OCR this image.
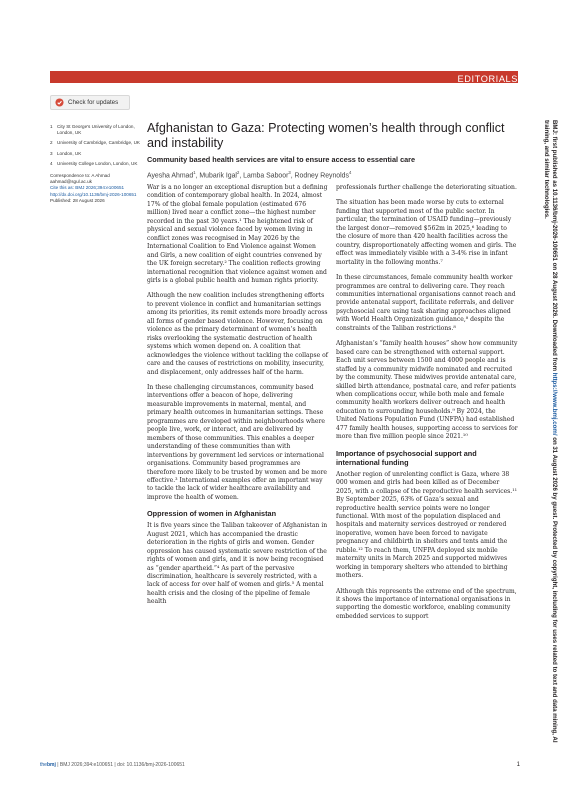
EDITORIALS
Check for updates
1 City St George's University of London, London, UK
2 University of Cambridge, Cambridge, UK
3 London, UK
4 University College London, London, UK
Correspondence to: A Ahmad
aahmad@sgul.ac.uk
Cite this as: BMJ 2026;394:e100651
http://dx.doi.org/10.1136/bmj-2026-100651
Published: 28 August 2026
Afghanistan to Gaza: Protecting women’s health through conflict and instability
Community based health services are vital to ensure access to essential care
Ayesha Ahmad$^1$, Mubarik Igal$^2$, Lamba Saboor$^3$, Rodney Reynolds$^4$

War is a no longer an exceptional disruption but a defining condition of contemporary global health. In 2024, almost 17% of the global female population (estimated 676 million) lived near a conflict zone—the highest number recorded in the past 30 years.¹ The heightened risk of physical and sexual violence faced by women living in conflict zones was recognised in May 2026 by the International Coalition to End Violence against Women and Girls, a new coalition of eight countries convened by the UK foreign secretary.² The coalition reflects growing international recognition that violence against women and girls is a global public health and human rights priority.

Although the new coalition includes strengthening efforts to prevent violence in conflict and humanitarian settings among its priorities, its remit extends more broadly across all forms of gender based violence. However, focusing on violence as the primary determinant of women’s health risks overlooking the systematic destruction of health systems which women depend on. A coalition that acknowledges the violence without tackling the collapse of care and the causes of restrictions on mobility, insecurity, and displacement, only addresses half of the harm.

In these challenging circumstances, community based interventions offer a beacon of hope, delivering measurable improvements in maternal, mental, and primary health outcomes in humanitarian settings. These programmes are developed within neighbourhoods where people live, work, or interact, and are delivered by members of those communities. This enables a deeper understanding of these communities than with interventions by government led services or international organisations. Community based programmes are therefore more likely to be trusted by women and be more effective.³ International examples offer an important way to tackle the lack of wider healthcare availability and improve the health of women.

Oppression of women in Afghanistan

It is five years since the Taliban takeover of Afghanistan in August 2021, which has accompanied the drastic deterioration in the rights of girls and women. Gender oppression has caused systematic severe restriction of the rights of women and girls, and it is now being recognised as “gender apartheid.”⁴ As part of the pervasive discrimination, healthcare is severely restricted, with a lack of access for over half of women and girls.⁵ A mental health crisis and the closing of the pipeline of female health

professionals further challenge the deteriorating situation.

The situation has been made worse by cuts to external funding that supported most of the public sector. In particular, the termination of USAID funding—previously the largest donor—removed $562m in 2025,⁶ leading to the closure of more than 420 health facilities across the country, disproportionately affecting women and girls. The effect was immediately visible with a 3-4% rise in infant mortality in the following months.⁷

In these circumstances, female community health worker programmes are central to delivering care. They reach communities international organisations cannot reach and provide antenatal support, facilitate referrals, and deliver psychosocial care using task sharing approaches aligned with World Health Organization guidance,⁸ despite the constraints of the Taliban restrictions.⁸

Afghanistan’s “family health houses” show how community based care can be strengthened with external support. Each unit serves between 1500 and 4000 people and is staffed by a community midwife nominated and recruited by the community. These midwives provide antenatal care, skilled birth attendance, postnatal care, and refer patients when complications occur, while both male and female community health workers deliver outreach and health education to surrounding households.⁹ By 2024, the United Nations Population Fund (UNFPA) had established 477 family health houses, supporting access to services for more than five million people since 2021.¹⁰

Importance of psychosocial support and international funding

Another region of unrelenting conflict is Gaza, where 38 000 women and girls had been killed as of December 2025, with a collapse of the reproductive health services.¹¹ By September 2025, 63% of Gaza’s sexual and reproductive health service points were no longer functional. With most of the population displaced and hospitals and maternity services destroyed or rendered inoperative, women have been forced to navigate pregnancy and childbirth in shelters and tents amid the rubble.¹² To reach them, UNFPA deployed six mobile maternity units in March 2025 and supported midwives working in temporary shelters who attended to birthing mothers.

Although this represents the extreme end of the spectrum, it shows the importance of international organisations in supporting the domestic workforce, enabling community embedded services to support

BMJ: first published as 10.1136/bmj-2026-100651 on 28 August 2026. Downloaded from https://www.bmj.com/ on 31 August 2026 by guest. Protected by copyright, including for uses related to text and data mining, AI training, and similar technologies.
thebmj | BMJ 2026;394:e100651 | doi: 10.1136/bmj-2026-100651	1
